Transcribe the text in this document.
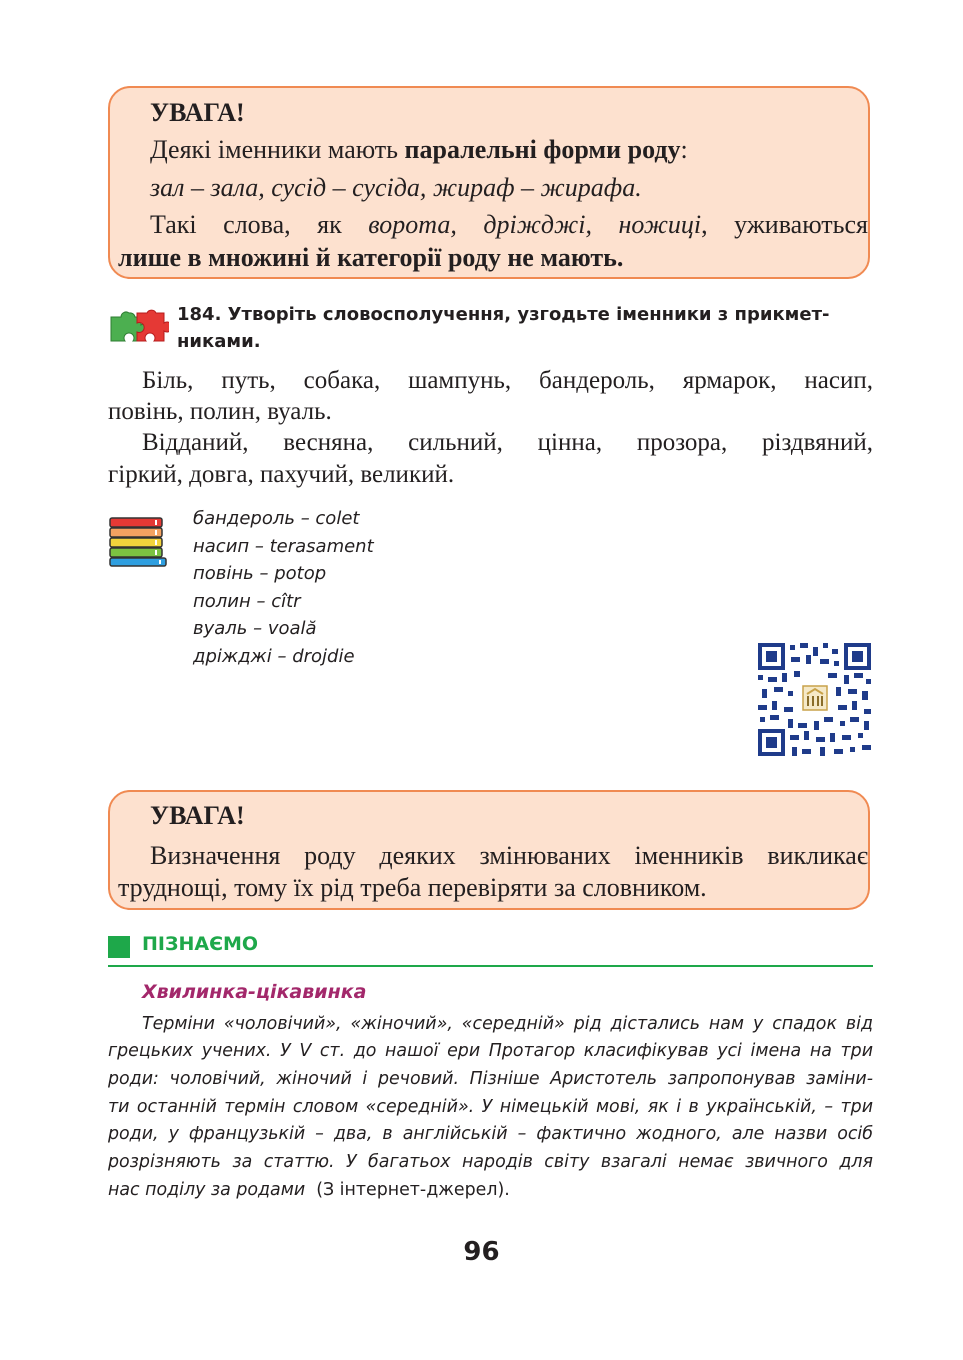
УВАГА!
Деякі іменники мають паралельні форми роду:
зал – зала, сусід – сусіда, жираф – жирафа.
Такі слова, як ворота, дріжджі, ножиці, уживаються
лише в множині й категорії роду не мають.
184. Утворіть словосполучення, узгодьте іменники з прикмет-
никами.
Біль, путь, собака, шампунь, бандероль, ярмарок, насип,
повінь, полин, вуаль.
Відданий, весняна, сильний, цінна, прозора, різдвяний,
гіркий, довга, пахучий, великий.
бандероль – colet
насип – terasament
повінь – potop
полин – cîtr
вуаль – voală
дріжджі – drojdie
УВАГА!
Визначення роду деяких змінюваних іменників викликає
труднощі, тому їх рід треба перевіряти за словником.
ПІЗНАЄМО
Хвилинка-цікавинка
Терміни «чоловічий», «жіночий», «середній» рід дістались нам у спадок від
грецьких учених. У V ст. до нашої ери Протагор класифікував усі імена на три
роди: чоловічий, жіночий і речовий. Пізніше Аристотель запропонував заміни-
ти останній термін словом «середній». У німецькій мові, як і в українській, – три
роди, у французькій – два, в англійській – фактично жодного, але назви осіб
розрізняють за статтю. У багатьох народів світу взагалі немає звичного для
нас поділу за родами (З інтернет-джерел).
96
